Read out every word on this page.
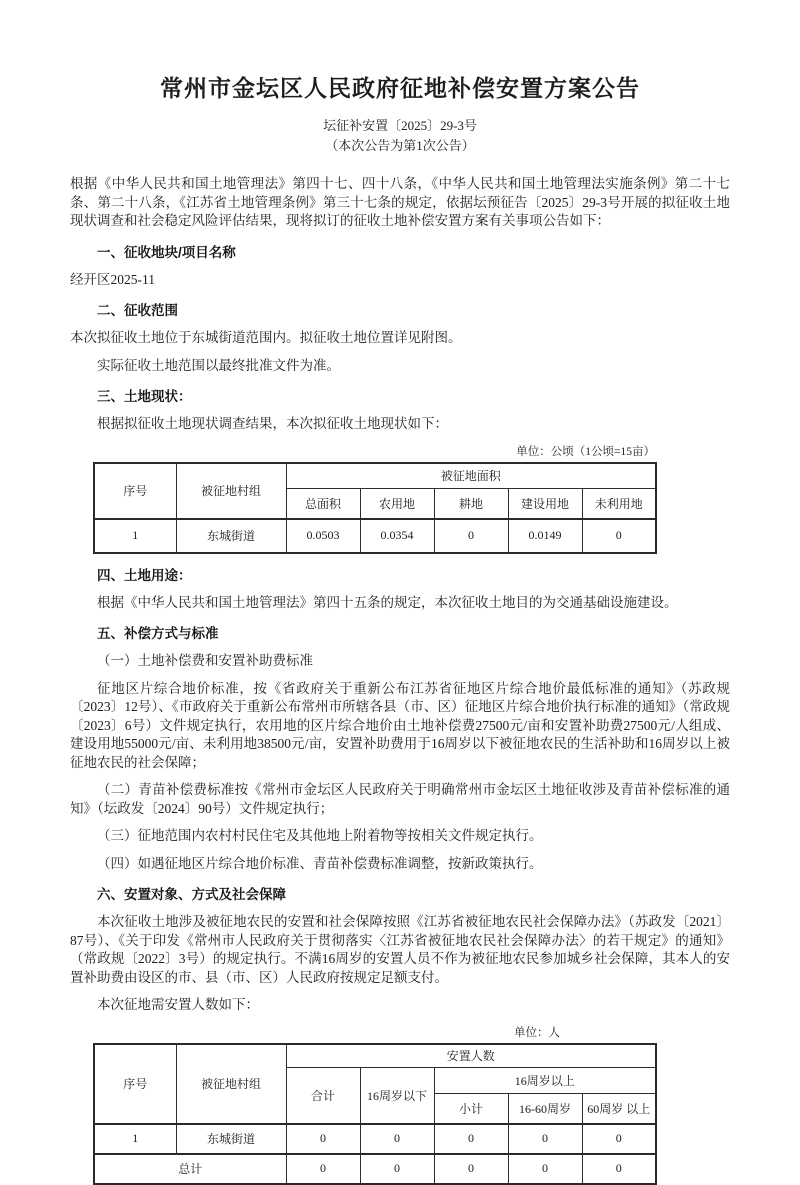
常州市金坛区人民政府征地补偿安置方案公告
坛征补安置〔2025〕29-3号
（本次公告为第1次公告）

根据《中华人民共和国土地管理法》第四十七、四十八条，《中华人民共和国土地管理法实施条例》第二十七条、第二十八条，《江苏省土地管理条例》第三十七条的规定，依据坛预征告〔2025〕29-3号开展的拟征收土地现状调查和社会稳定风险评估结果，现将拟订的征收土地补偿安置方案有关事项公告如下：

一、征收地块/项目名称

经开区2025-11

二、征收范围

本次拟征收土地位于东城街道范围内。拟征收土地位置详见附图。

实际征收土地范围以最终批准文件为准。

三、土地现状：

根据拟征收土地现状调查结果，本次拟征收土地现状如下：

单位：公顷（1公顷=15亩）
序号	被征地村组	被征地面积				
		总面积	农用地	耕地	建设用地	未利用地
1	东城街道	0.0503	0.0354	0	0.0149	0
四、土地用途：

根据《中华人民共和国土地管理法》第四十五条的规定，本次征收土地目的为交通基础设施建设。

五、补偿方式与标准

（一）土地补偿费和安置补助费标准

征地区片综合地价标准，按《省政府关于重新公布江苏省征地区片综合地价最低标准的通知》（苏政规〔2023〕12号）、《市政府关于重新公布常州市所辖各县（市、区）征地区片综合地价执行标准的通知》（常政规〔2023〕6号）文件规定执行，农用地的区片综合地价由土地补偿费27500元/亩和安置补助费27500元/人组成、建设用地55000元/亩、未利用地38500元/亩，安置补助费用于16周岁以下被征地农民的生活补助和16周岁以上被征地农民的社会保障；

（二）青苗补偿费标准按《常州市金坛区人民政府关于明确常州市金坛区土地征收涉及青苗补偿标准的通知》（坛政发〔2024〕90号）文件规定执行；

（三）征地范围内农村村民住宅及其他地上附着物等按相关文件规定执行。

（四）如遇征地区片综合地价标准、青苗补偿费标准调整，按新政策执行。

六、安置对象、方式及社会保障

本次征收土地涉及被征地农民的安置和社会保障按照《江苏省被征地农民社会保障办法》（苏政发〔2021〕87号）、《关于印发《常州市人民政府关于贯彻落实〈江苏省被征地农民社会保障办法〉的若干规定》的通知》（常政规〔2022〕3号）的规定执行。不满16周岁的安置人员不作为被征地农民参加城乡社会保障，其本人的安置补助费由设区的市、县（市、区）人民政府按规定足额支付。

本次征地需安置人数如下：

单位：人
序号	被征地村组	安置人数				
		合计	16周岁以下	16周岁以上		
				小计	16-60周岁	60周岁 以上
1	东城街道	0	0	0	0	0
总计		0	0	0	0	0
